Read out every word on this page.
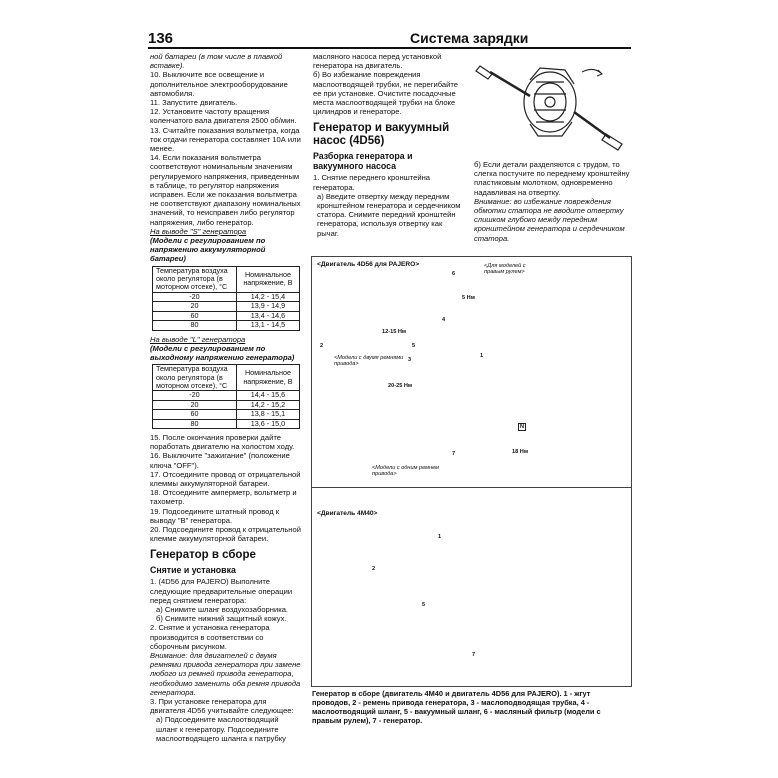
136	Система зарядки

ной батареи (в том числе в плавкой вставке).

10. Выключите все освещение и дополнительное электрооборудование автомобиля.

11. Запустите двигатель.

12. Установите частоту вращения коленчатого вала двигателя 2500 об/мин.

13. Считайте показания вольтметра, когда ток отдачи генератора составляет 10А или менее.

14. Если показания вольтметра соответствуют номинальным значениям регулируемого напряжения, приведенным в таблице, то регулятор напряжения исправен. Если же показания вольтметра не соответствуют диапазону номинальных значений, то неисправен либо регулятор напряжения, либо генератор.

На выводе "S" генератора

(Модели с регулированием по напряжению аккумуляторной батареи)

Температура воздуха около регулятора (в моторном отсеке), °С	Номинальное напряжение, В
-20	14,2 - 15,4
20	13,9 - 14,9
60	13,4 - 14,6
80	13,1 - 14,5

На выводе "L" генератора

(Модели с регулированием по выходному напряжению генератора)

Температура воздуха около регулятора (в моторном отсеке), °С	Номинальное напряжение, В
-20	14,4 - 15,6
20	14,2 - 15,2
60	13,8 - 15,1
80	13,6 - 15,0

15. После окончания проверки дайте поработать двигателю на холостом ходу.

16. Выключите "зажигание" (положение ключа "OFF").

17. Отсоедините провод от отрицательной клеммы аккумуляторной батареи.

18. Отсоедините амперметр, вольтметр и тахометр.

19. Подсоедините штатный провод к выводу "B" генератора.

20. Подсоедините провод к отрицательной клемме аккумуляторной батареи.

Генератор в сборе
Снятие и установка

1. (4D56 для PAJERO) Выполните следующие предварительные операции перед снятием генератора:

а) Снимите шланг воздухозаборника.

б) Снимите нижний защитный кожух.

2. Снятие и установка генератора производится в соответствии со сборочным рисунком.

Внимание: для двигателей с двумя ремнями привода генератора при замене любого из ремней привода генератора, необходимо заменить оба ремня привода генератора.

3. При установке генератора для двигателя 4D56 учитывайте следующее:

а) Подсоедините маслоотводящий шланг к генератору. Подсоедините маслоотводящего шланга к патрубку

масляного насоса перед установкой генератора на двигатель.

б) Во избежание повреждения маслоотводящей трубки, не перегибайте ее при установке. Очистите посадочные места маслоотводящей трубки на блоке цилиндров и генераторе.

Генератор и вакуумный насос (4D56)
Разборка генератора и вакуумного насоса

1. Снятие переднего кронштейна генератора.

а) Введите отвертку между передним кронштейном генератора и сердечником статора. Снимите передний кронштейн генератора, используя отвертку как рычаг.

б) Если детали разделяются с трудом, то слегка постучите по переднему кронштейну пластиковым молотком, одновременно надавливая на отвертку.

Внимание: во избежание повреждения обмотки статора не вводите отвертку слишком глубоко между передним кронштейном генератора и сердечником статора.

<Двигатель 4D56 для PAJERO>	<Для моделей с правым рулем>
<Модели с двумя ремнями привода>
<Модели с одним ремнем привода>
5 Нм
12-15 Нм
20-25 Нм
18 Нм
6
4
5
3
2
1
7
N
<Двигатель 4M40>
1
2
7
5
Генератор в сборе (двигатель 4M40 и двигатель 4D56 для PAJERO). 1 - жгут проводов, 2 - ремень привода генератора, 3 - маслоподводящая трубка, 4 - маслоотводящий шланг, 5 - вакуумный шланг, 6 - масляный фильтр (модели с правым рулем), 7 - генератор.
